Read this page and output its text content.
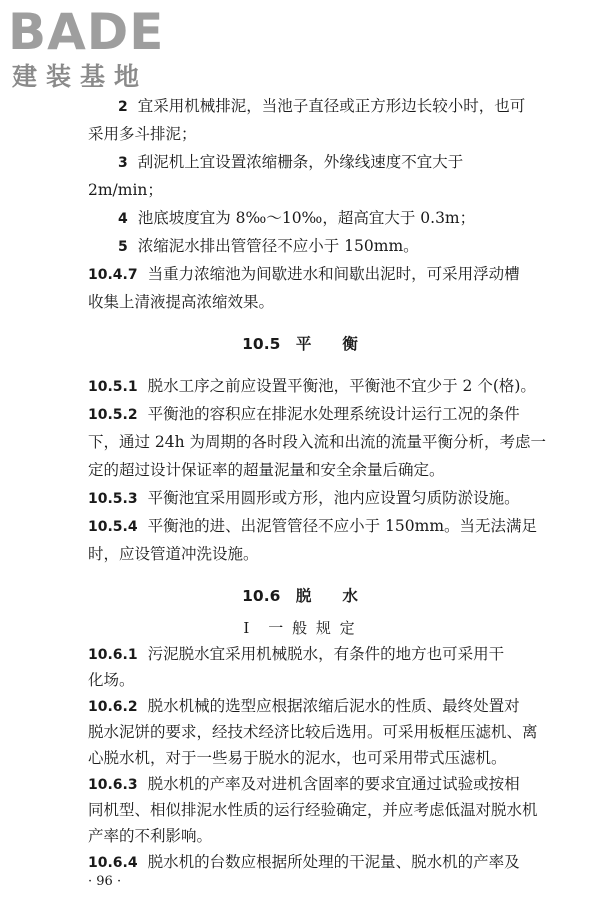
BADE
建装基地
2 宜采用机械排泥，当池子直径或正方形边长较小时，也可
采用多斗排泥；
3 刮泥机上宜设置浓缩栅条，外缘线速度不宜大于
2m/min；
4 池底坡度宜为 8‰～10‰，超高宜大于 0.3m；
5 浓缩泥水排出管管径不应小于 150mm。
10.4.7 当重力浓缩池为间歇进水和间歇出泥时，可采用浮动槽
收集上清液提高浓缩效果。
10.5　平　　衡
10.5.1 脱水工序之前应设置平衡池，平衡池不宜少于 2 个(格)。
10.5.2 平衡池的容积应在排泥水处理系统设计运行工况的条件
下，通过 24h 为周期的各时段入流和出流的流量平衡分析，考虑一
定的超过设计保证率的超量泥量和安全余量后确定。
10.5.3 平衡池宜采用圆形或方形，池内应设置匀质防淤设施。
10.5.4 平衡池的进、出泥管管径不应小于 150mm。当无法满足
时，应设管道冲洗设施。
10.6　脱　　水
Ⅰ　一 般 规 定
10.6.1 污泥脱水宜采用机械脱水，有条件的地方也可采用干
化场。
10.6.2 脱水机械的选型应根据浓缩后泥水的性质、最终处置对
脱水泥饼的要求，经技术经济比较后选用。可采用板框压滤机、离
心脱水机，对于一些易于脱水的泥水，也可采用带式压滤机。
10.6.3 脱水机的产率及对进机含固率的要求宜通过试验或按相
· 96 ·
同机型、相似排泥水性质的运行经验确定，并应考虑低温对脱水机
产率的不利影响。
10.6.4 脱水机的台数应根据所处理的干泥量、脱水机的产率及
